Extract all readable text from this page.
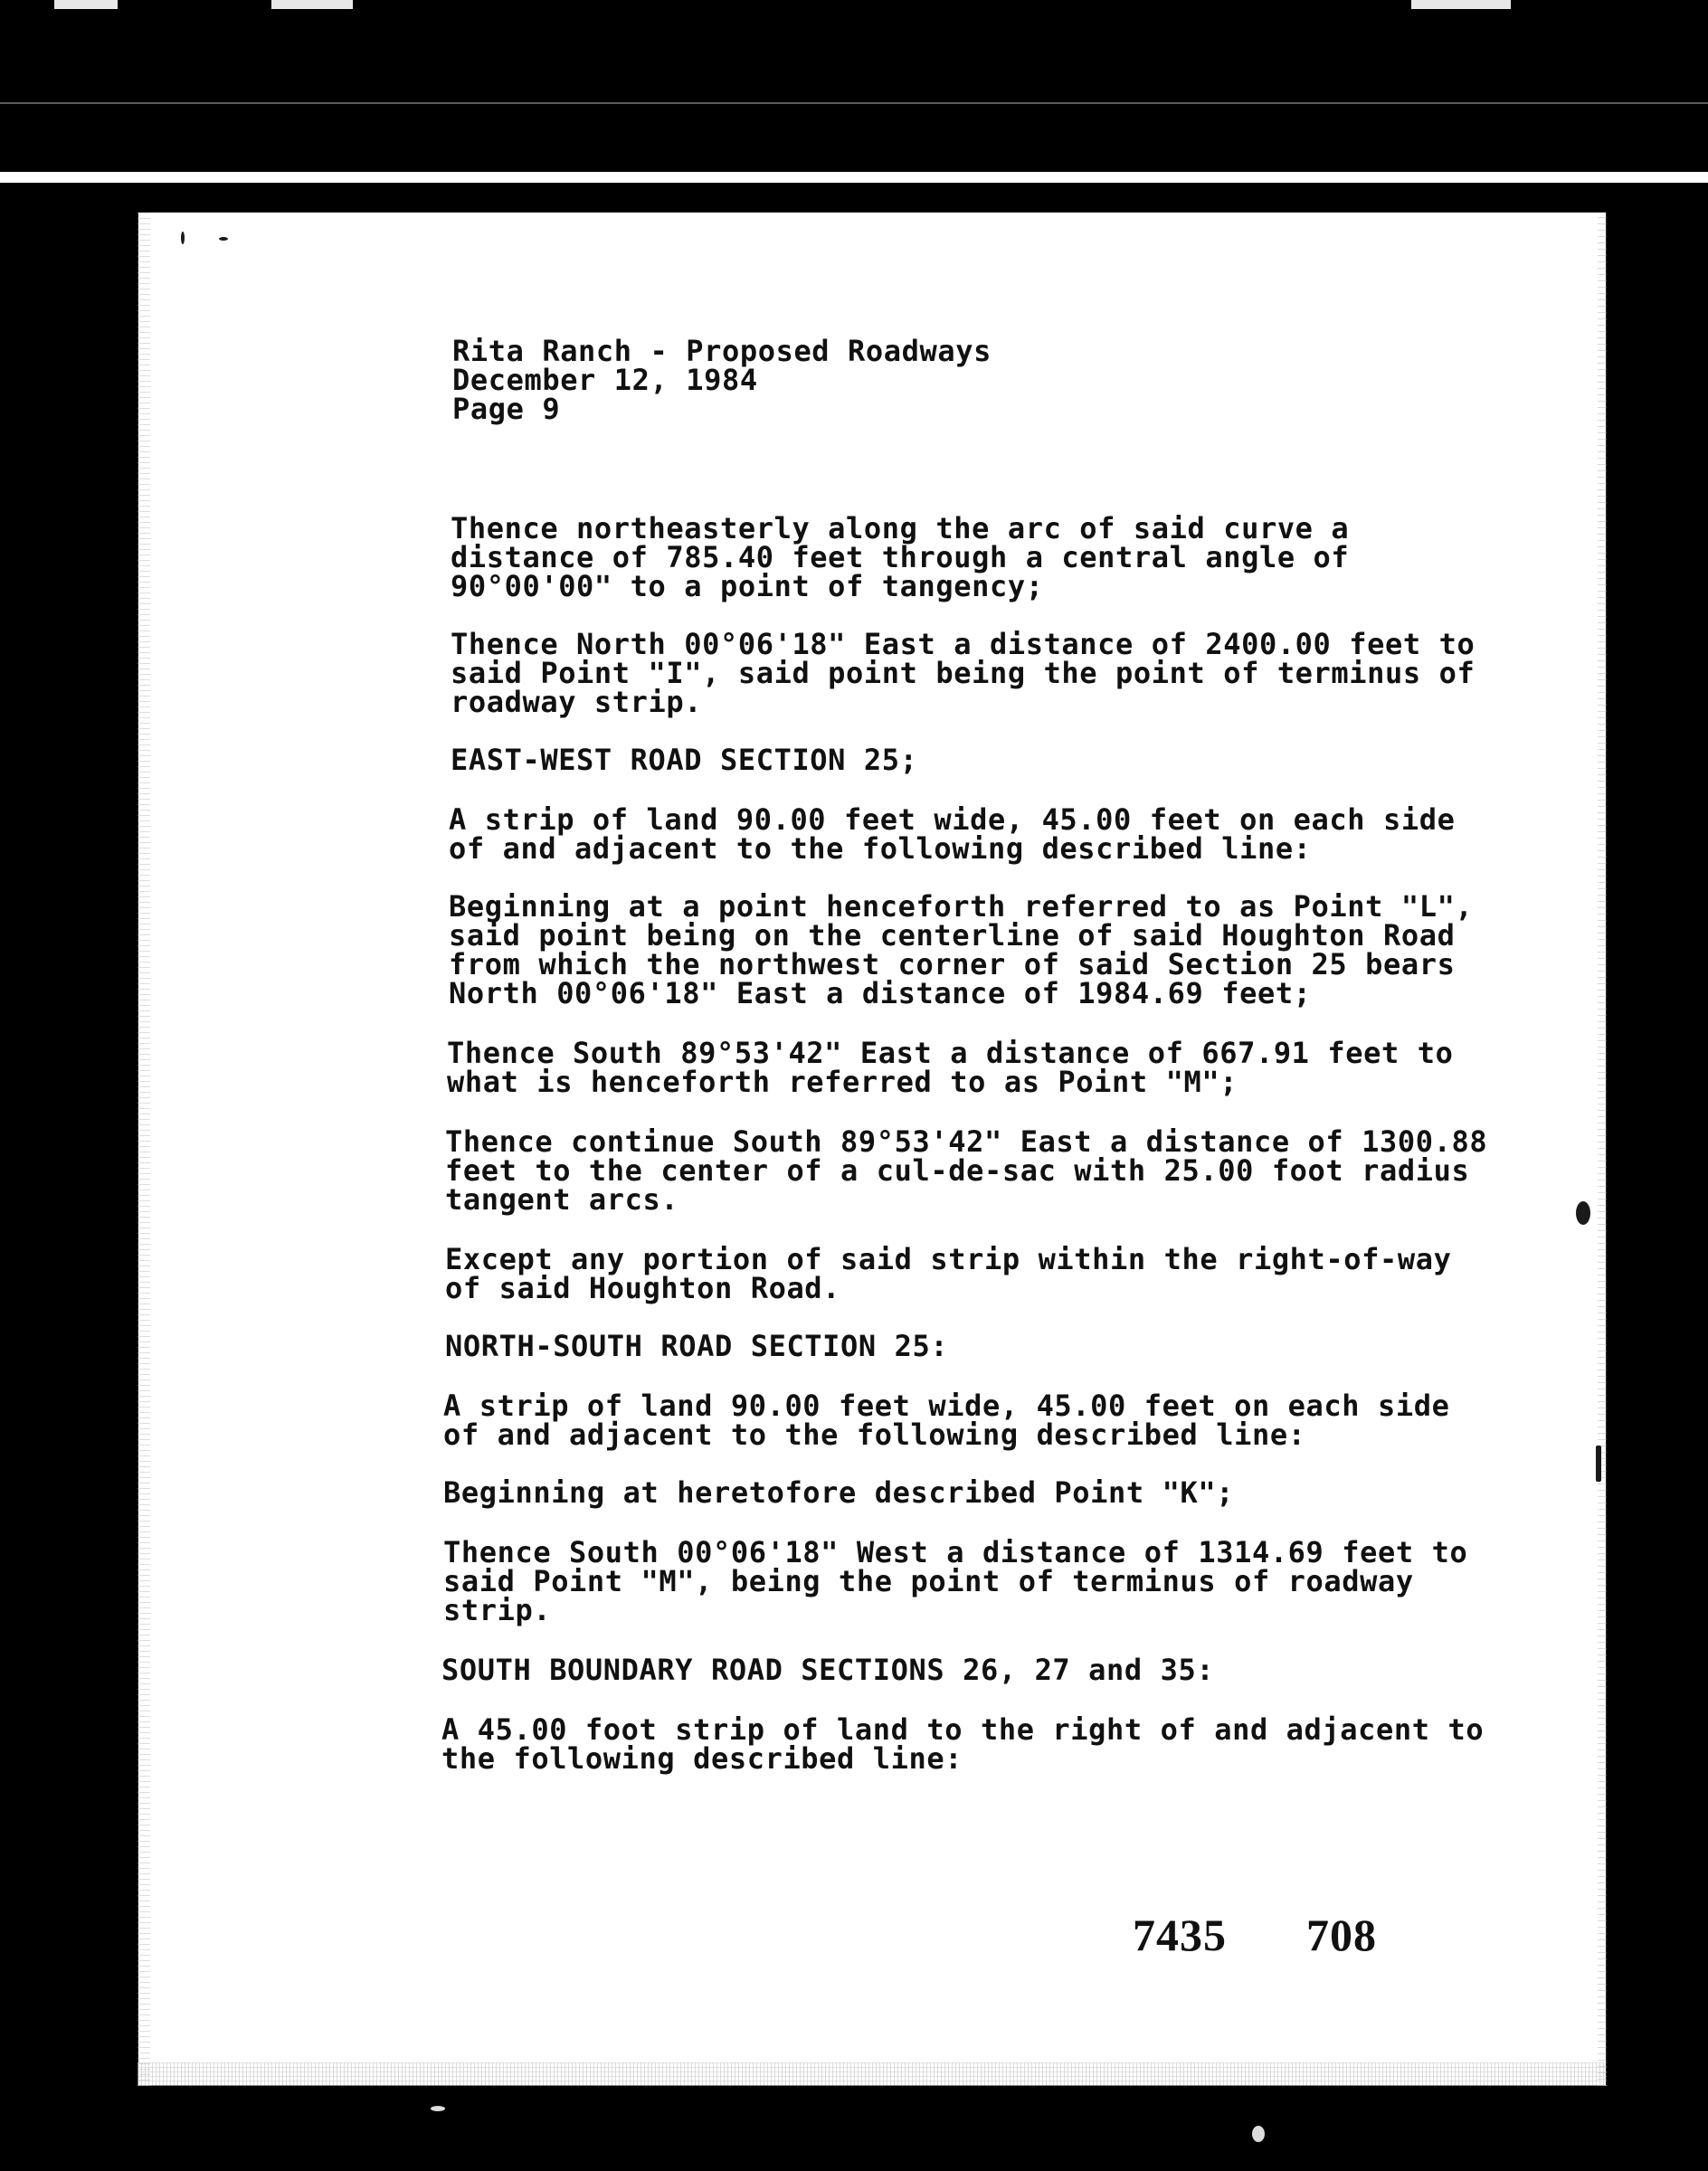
Rita Ranch - Proposed Roadways
December 12, 1984
Page 9
Thence northeasterly along the arc of said curve a
distance of 785.40 feet through a central angle of
90°00'00" to a point of tangency;
Thence North 00°06'18" East a distance of 2400.00 feet to
said Point "I", said point being the point of terminus of
roadway strip.
EAST-WEST ROAD SECTION 25;
A strip of land 90.00 feet wide, 45.00 feet on each side
of and adjacent to the following described line:
Beginning at a point henceforth referred to as Point "L",
said point being on the centerline of said Houghton Road
from which the northwest corner of said Section 25 bears
North 00°06'18" East a distance of 1984.69 feet;
Thence South 89°53'42" East a distance of 667.91 feet to
what is henceforth referred to as Point "M";
Thence continue South 89°53'42" East a distance of 1300.88
feet to the center of a cul-de-sac with 25.00 foot radius
tangent arcs.
Except any portion of said strip within the right-of-way
of said Houghton Road.
NORTH-SOUTH ROAD SECTION 25:
A strip of land 90.00 feet wide, 45.00 feet on each side
of and adjacent to the following described line:
Beginning at heretofore described Point "K";
Thence South 00°06'18" West a distance of 1314.69 feet to
said Point "M", being the point of terminus of roadway
strip.
SOUTH BOUNDARY ROAD SECTIONS 26, 27 and 35:
A 45.00 foot strip of land to the right of and adjacent to
the following described line:
7435 708
